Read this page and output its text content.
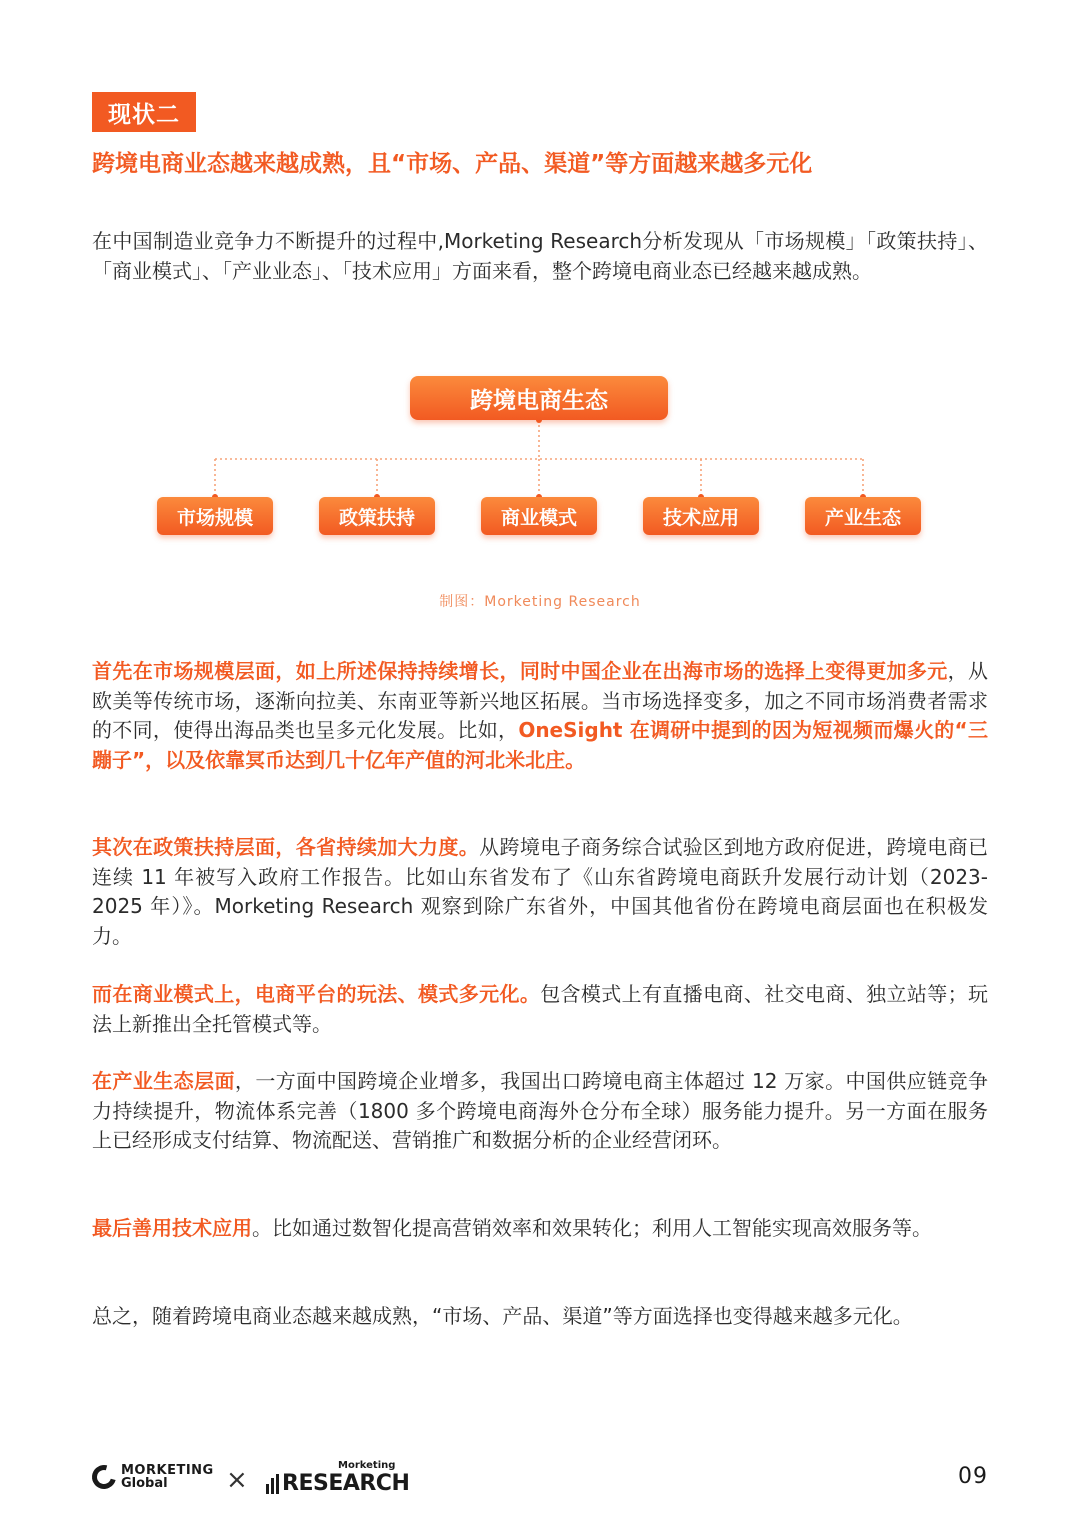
现状二
跨境电商业态越来越成熟，且“市场、产品、渠道”等方面越来越多元化
在中国制造业竞争力不断提升的过程中,Morketing Research分析发现从「市场规模」「政策扶持」、「商业模式」、「产业业态」、「技术应用」方面来看，整个跨境电商业态已经越来越成熟。
跨境电商生态
市场规模	政策扶持	商业模式	技术应用	产业生态
制图：Morketing Research
首先在市场规模层面，如上所述保持持续增长，同时中国企业在出海市场的选择上变得更加多元，从欧美等传统市场，逐渐向拉美、东南亚等新兴地区拓展。当市场选择变多，加之不同市场消费者需求的不同，使得出海品类也呈多元化发展。比如，OneSight 在调研中提到的因为短视频而爆火的“三蹦子”，以及依靠冥币达到几十亿年产值的河北米北庄。
其次在政策扶持层面，各省持续加大力度。从跨境电子商务综合试验区到地方政府促进，跨境电商已连续 11 年被写入政府工作报告。比如山东省发布了《山东省跨境电商跃升发展行动计划（2023-2025 年）》。Morketing Research 观察到除广东省外，中国其他省份在跨境电商层面也在积极发力。
而在商业模式上，电商平台的玩法、模式多元化。包含模式上有直播电商、社交电商、独立站等；玩法上新推出全托管模式等。
在产业生态层面，一方面中国跨境企业增多，我国出口跨境电商主体超过 12 万家。中国供应链竞争力持续提升，物流体系完善（1800 多个跨境电商海外仓分布全球）服务能力提升。另一方面在服务上已经形成支付结算、物流配送、营销推广和数据分析的企业经营闭环。
最后善用技术应用。比如通过数智化提高营销效率和效果转化；利用人工智能实现高效服务等。
总之，随着跨境电商业态越来越成熟，“市场、产品、渠道”等方面选择也变得越来越多元化。
MORKETING
Global	×	Morketing
RESEARCH	09
